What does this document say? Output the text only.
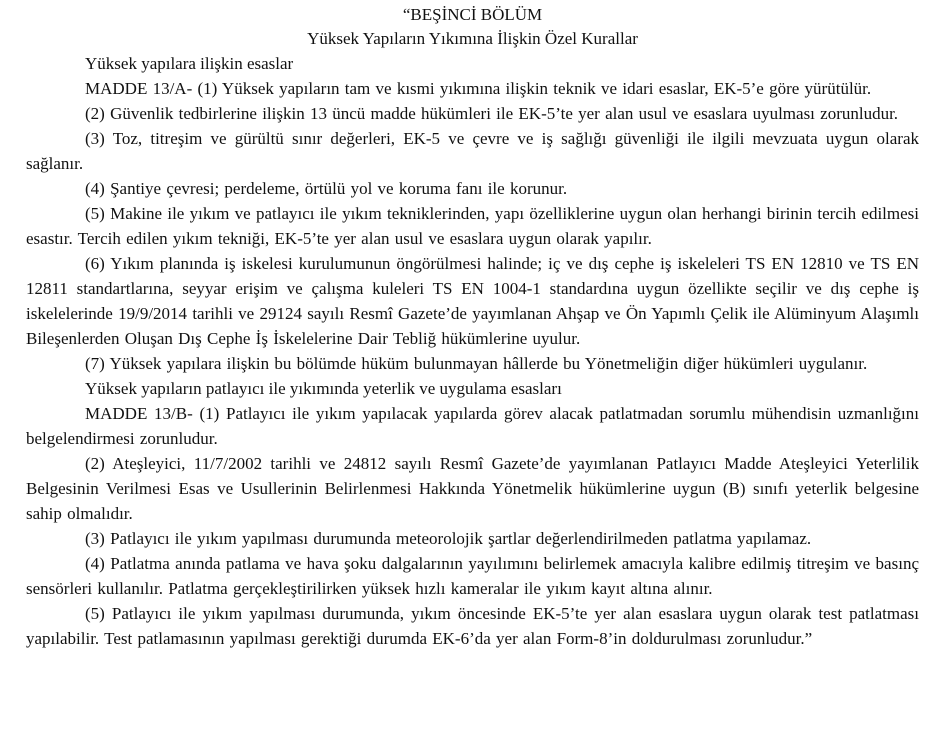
“BEŞİNCİ BÖLÜM

Yüksek Yapıların Yıkımına İlişkin Özel Kurallar

Yüksek yapılara ilişkin esaslar

MADDE 13/A- (1) Yüksek yapıların tam ve kısmi yıkımına ilişkin teknik ve idari esaslar, EK-5’e göre yürütülür.

(2) Güvenlik tedbirlerine ilişkin 13 üncü madde hükümleri ile EK-5’te yer alan usul ve esaslara uyulması zorunludur.

(3) Toz, titreşim ve gürültü sınır değerleri, EK-5 ve çevre ve iş sağlığı güvenliği ile ilgili mevzuata uygun olarak sağlanır.

(4) Şantiye çevresi; perdeleme, örtülü yol ve koruma fanı ile korunur.

(5) Makine ile yıkım ve patlayıcı ile yıkım tekniklerinden, yapı özelliklerine uygun olan herhangi birinin tercih edilmesi esastır. Tercih edilen yıkım tekniği, EK-5’te yer alan usul ve esaslara uygun olarak yapılır.

(6) Yıkım planında iş iskelesi kurulumunun öngörülmesi halinde; iç ve dış cephe iş iskeleleri TS EN 12810 ve TS EN 12811 standartlarına, seyyar erişim ve çalışma kuleleri TS EN 1004-1 standardına uygun özellikte seçilir ve dış cephe iş iskelelerinde 19/9/2014 tarihli ve 29124 sayılı Resmî Gazete’de yayımlanan Ahşap ve Ön Yapımlı Çelik ile Alüminyum Alaşımlı Bileşenlerden Oluşan Dış Cephe İş İskelelerine Dair Tebliğ hükümlerine uyulur.

(7) Yüksek yapılara ilişkin bu bölümde hüküm bulunmayan hâllerde bu Yönetmeliğin diğer hükümleri uygulanır.

Yüksek yapıların patlayıcı ile yıkımında yeterlik ve uygulama esasları

MADDE 13/B- (1) Patlayıcı ile yıkım yapılacak yapılarda görev alacak patlatmadan sorumlu mühendisin uzmanlığını belgelendirmesi zorunludur.

(2) Ateşleyici, 11/7/2002 tarihli ve 24812 sayılı Resmî Gazete’de yayımlanan Patlayıcı Madde Ateşleyici Yeterlilik Belgesinin Verilmesi Esas ve Usullerinin Belirlenmesi Hakkında Yönetmelik hükümlerine uygun (B) sınıfı yeterlik belgesine sahip olmalıdır.

(3) Patlayıcı ile yıkım yapılması durumunda meteorolojik şartlar değerlendirilmeden patlatma yapılamaz.

(4) Patlatma anında patlama ve hava şoku dalgalarının yayılımını belirlemek amacıyla kalibre edilmiş titreşim ve basınç sensörleri kullanılır. Patlatma gerçekleştirilirken yüksek hızlı kameralar ile yıkım kayıt altına alınır.

(5) Patlayıcı ile yıkım yapılması durumunda, yıkım öncesinde EK-5’te yer alan esaslara uygun olarak test patlatması yapılabilir. Test patlamasının yapılması gerektiği durumda EK-6’da yer alan Form-8’in doldurulması zorunludur.”
